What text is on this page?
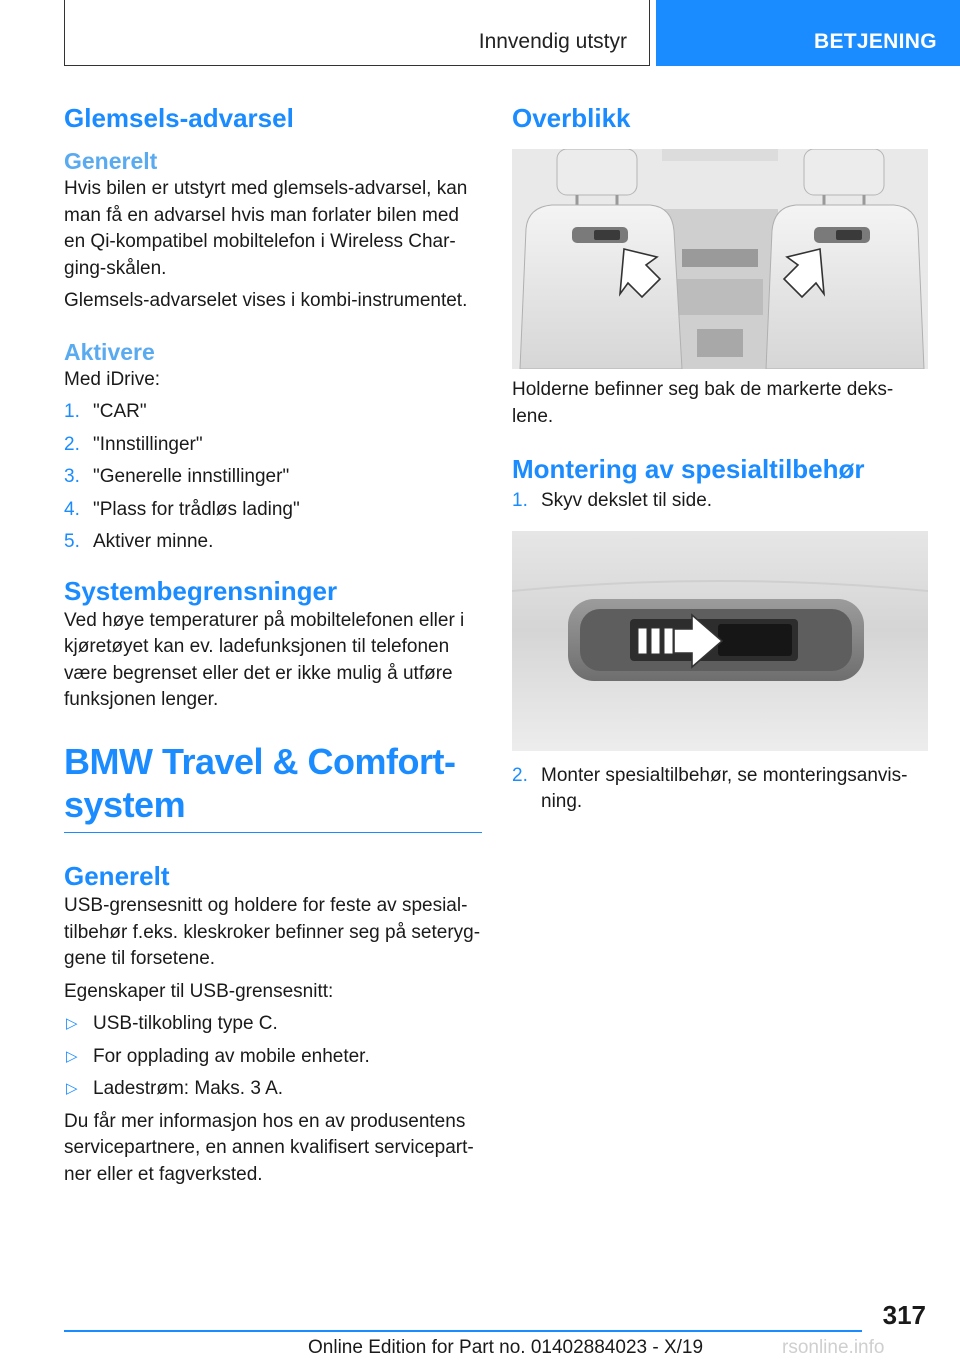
Innvendig utstyr	BETJENING
Glemsels-advarsel
Generelt

Hvis bilen er utstyrt med glemsels-advarsel, kan man få en advarsel hvis man forlater bilen med en Qi-kompatibel mobiltelefon i Wireless Char-ging-skålen.

Glemsels-advarselet vises i kombi-instrumentet.

Aktivere

Med iDrive:

1. "CAR"
2. "Innstillinger"
3. "Generelle innstillinger"
4. "Plass for trådløs lading"
5. Aktiver minne.
Systembegrensninger

Ved høye temperaturer på mobiltelefonen eller i kjøretøyet kan ev. ladefunksjonen til telefonen være begrenset eller det er ikke mulig å utføre funksjonen lenger.

BMW Travel & Comfort-
system
Generelt

USB-grensesnitt og holdere for feste av spesial-tilbehør f.eks. kleskroker befinner seg på seteryg-gene til forsetene.

Egenskaper til USB-grensesnitt:

▷ USB-tilkobling type C.
▷ For opplading av mobile enheter.
▷ Ladestrøm: Maks. 3 A.

Du får mer informasjon hos en av produsentens servicepartnere, en annen kvalifisert servicepart-ner eller et fagverksted.

Overblikk

Holderne befinner seg bak de markerte deks-lene.

Montering av spesialtilbehør
1. Skyv dekslet til side.
2. Monter spesialtilbehør, se monteringsanvis-ning.
317
Online Edition for Part no. 01402884023 - X/19	rsonline.info
